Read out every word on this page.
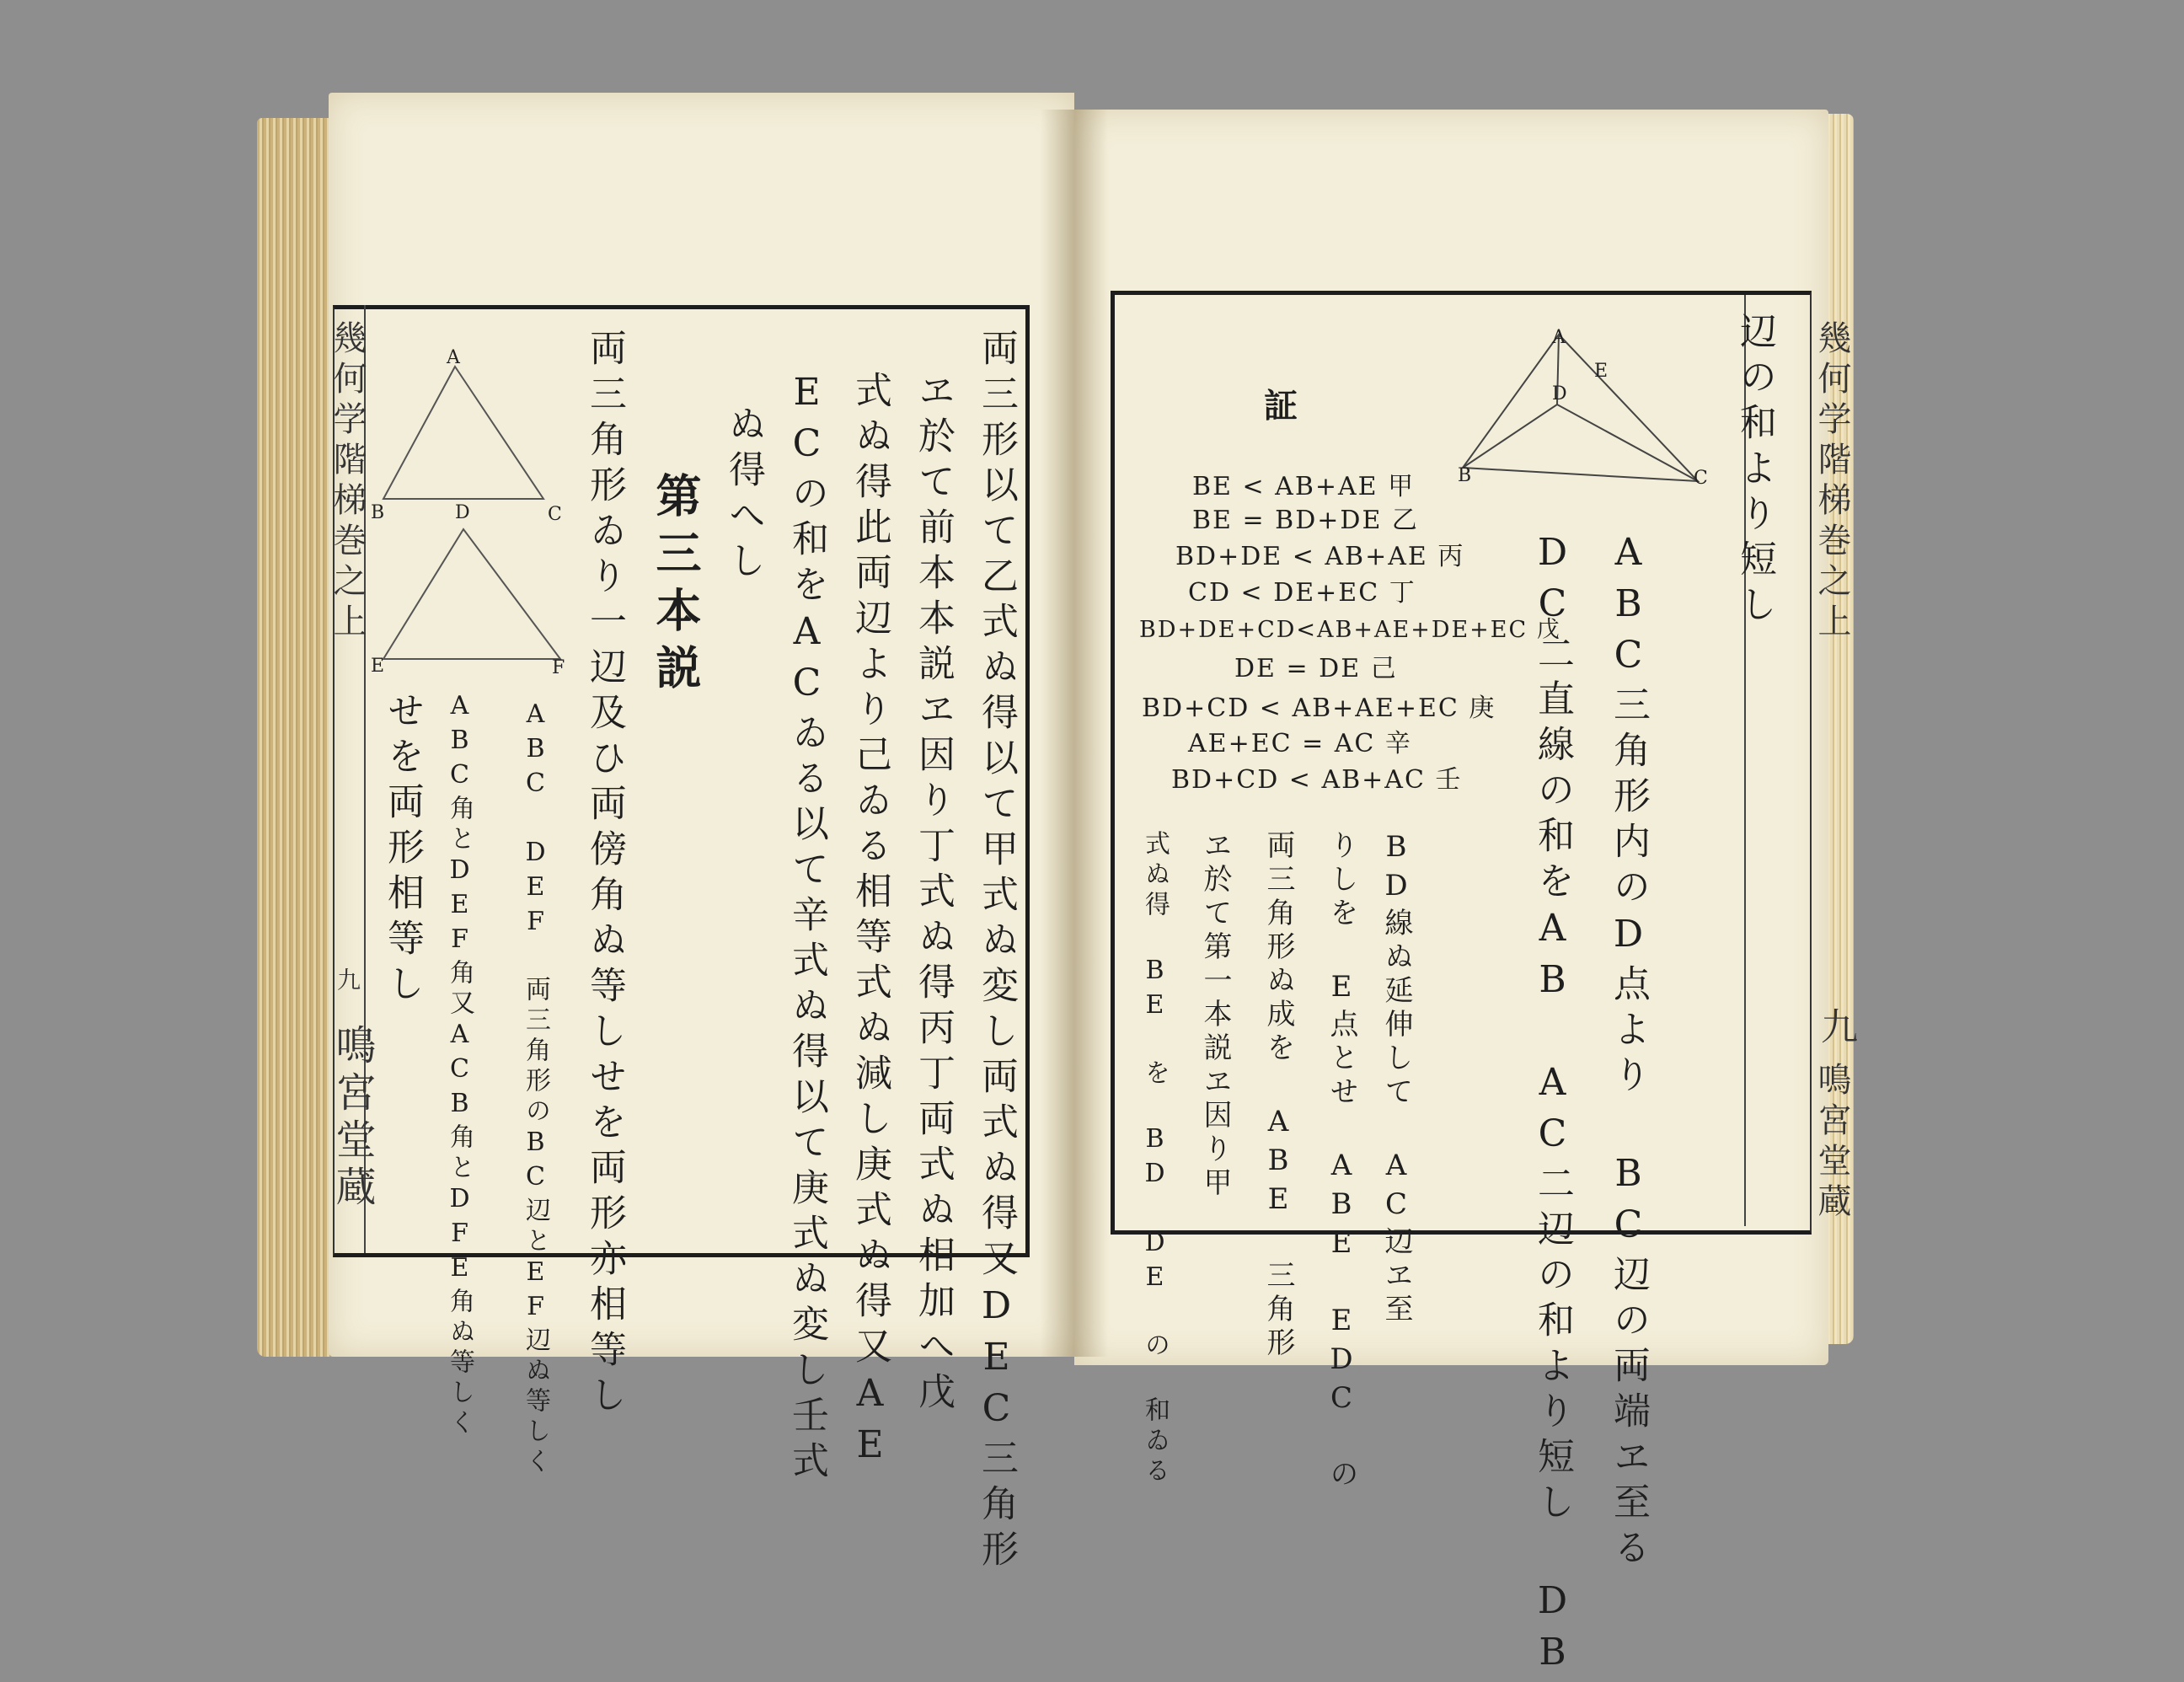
幾何学階梯巻之上
九
鳴宮堂蔵
A
B	C
D
E	F	両三形以て乙式ぬ得以て甲式ぬ変し両式ぬ得又DEC三角形
ヱ於て前本本説ヱ因り丁式ぬ得丙丁両式ぬ相加へ戊
式ぬ得此両辺より己ゐる相等式ぬ減し庚式ぬ得又AE
ECの和をACゐる以て辛式ぬ得以て庚式ぬ変し壬式
ぬ得へし
第三本説
両三角形ゐり一辺及ひ両傍角ぬ等しせを両形亦相等し
ABC DEF 両三角形のBC辺とEF辺ぬ等しく
ABC角とDEF角又ACB角とDFE角ぬ等しく
せを両形相等し
幾何学階梯巻之上
九
鳴宮堂蔵
辺の和より短し
ABC三角形内のD点より BC辺の両端ヱ至る
DC二直線の和をAB AC二辺の和より短し DB
A
E
D
B	C
証
BE < AB+AE 甲
BE = BD+DE 乙
BD+DE < AB+AE 丙
CD < DE+EC 丁
BD+DE+CD<AB+AE+DE+EC 戊
DE = DE 己
BD+CD < AB+AE+EC 庚
AE+EC = AC 辛
BD+CD < AB+AC 壬
BD線ぬ延伸して AC辺ヱ至
りしを E点とせ ABE EDC の
両三角形ぬ成を ABE 三角形
ヱ於て第一本説ヱ因り甲
式ぬ得 BE を BD DE の 和ゐる
